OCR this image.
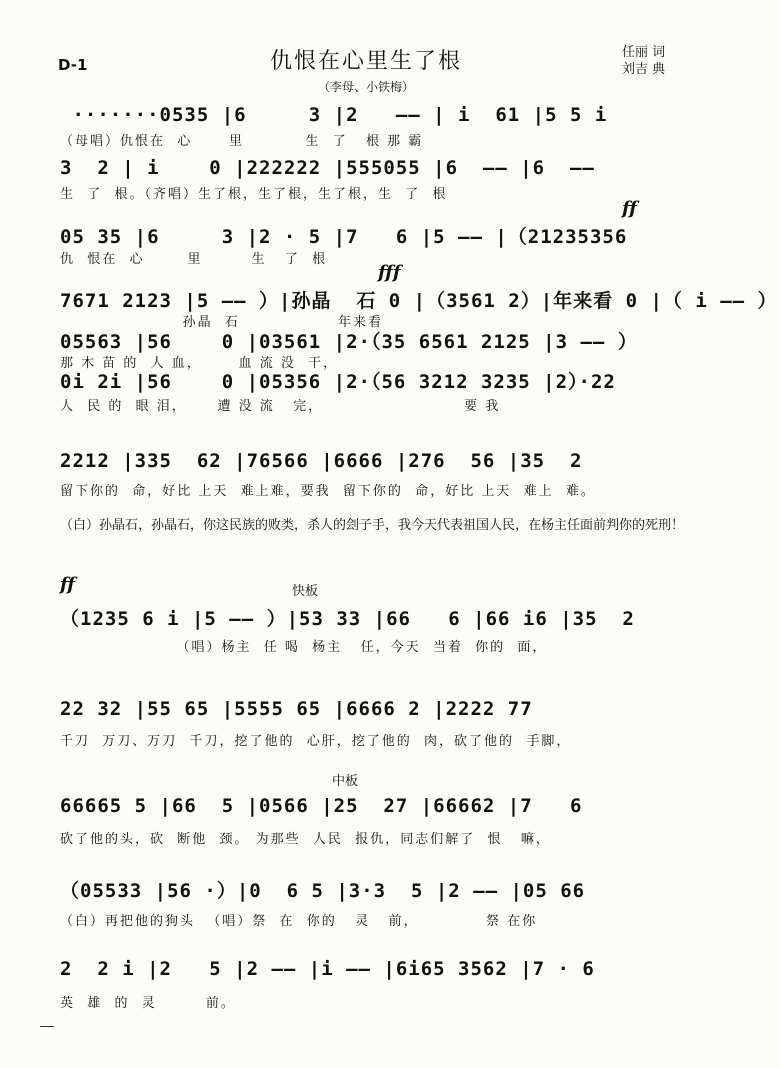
D-1	仇恨在心里生了根
（李母、小铁梅）
任丽 词
刘吉 典
·······0535 |6     3 |2   —— | i  61 |5 5 i
（母唱）仇恨在  心      里          生  了   根 那 霸
3  2 | i    0 |222222 |555055 |6  —— |6  ——
生  了  根。（齐唱）生了根，生了根，生了根，生  了  根
ff
05 35 |6     3 |2 · 5 |7   6 |5 —— |（21235356
仇  恨在  心       里        生   了  根
fff
7671 2123 |5 —— ）|孙晶  石 0 |（3561 2）|年来看 0 |（ i —— ）
孙晶  石                年来看
05563 |56    0 |03561 |2·（35 6561 2125 |3 —— ）
那 木 苗 的  人 血，      血 流 没  干，
0i 2i |56    0 |05356 |2·（56 3212 3235 |2）·22
人  民 的  眼 泪，     遭 没 流   完，                       要 我
2212 |335  62 |76566 |6666 |276  56 |35  2
留下你的  命，好比 上天  难上难，要我  留下你的  命，好比 上天  难上  难。
（白）孙晶石，孙晶石，你这民族的败类，杀人的刽子手，我今天代表祖国人民，在杨主任面前判你的死刑！
ff	快板
（1235 6 i |5 —— ）|53 33 |66   6 |66 i6 |35  2
（唱）杨主  任 喝  杨主   任，今天  当着  你的  面，
22 32 |55 65 |5555 65 |6666 2 |2222 77
千刀  万刀、万刀  千刀，挖了他的  心肝，挖了他的  肉，砍了他的  手脚，
中板
66665 5 |66  5 |0566 |25  27 |66662 |7   6
砍了他的头，砍  断他  颈。 为那些  人民  报仇，同志们解了  恨   嘛，
（05533 |56 ·）|0  6 5 |3·3  5 |2 —— |05 66
（白）再把他的狗头  （唱）祭  在  你的   灵   前，           祭 在你
2  2 i |2   5 |2 —— |i —— |6i65 3562 |7 · 6
英  雄  的  灵        前。
